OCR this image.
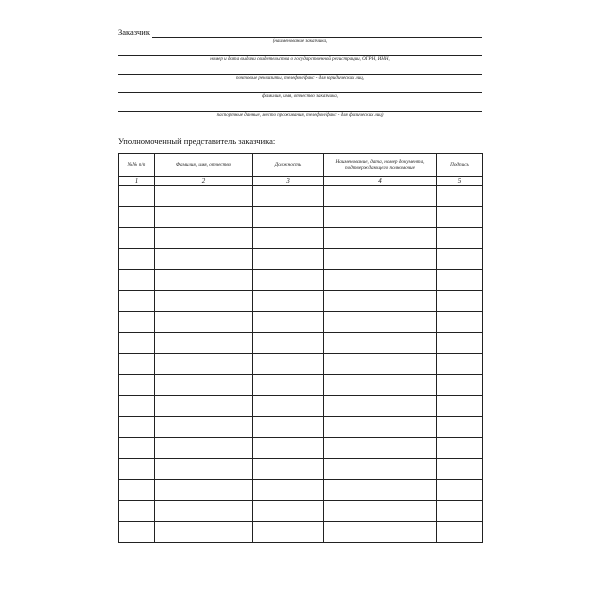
Заказчик
(наименование заказчика,
номер и дата выдачи свидетельства о государственной регистрации, ОГРН, ИНН,
почтовые реквизиты, телефон/факс - для юридических лиц,
фамилия, имя, отчество заказчика,
паспортные данные, место проживания, телефон/факс - для физических лиц)
Уполномоченный представитель заказчика:
№№ п/п	Фамилия, имя, отчество	Должность	Наименование, дата, номер документа, подтверждающего полномочие	Подпись
1	2	3	4	5
